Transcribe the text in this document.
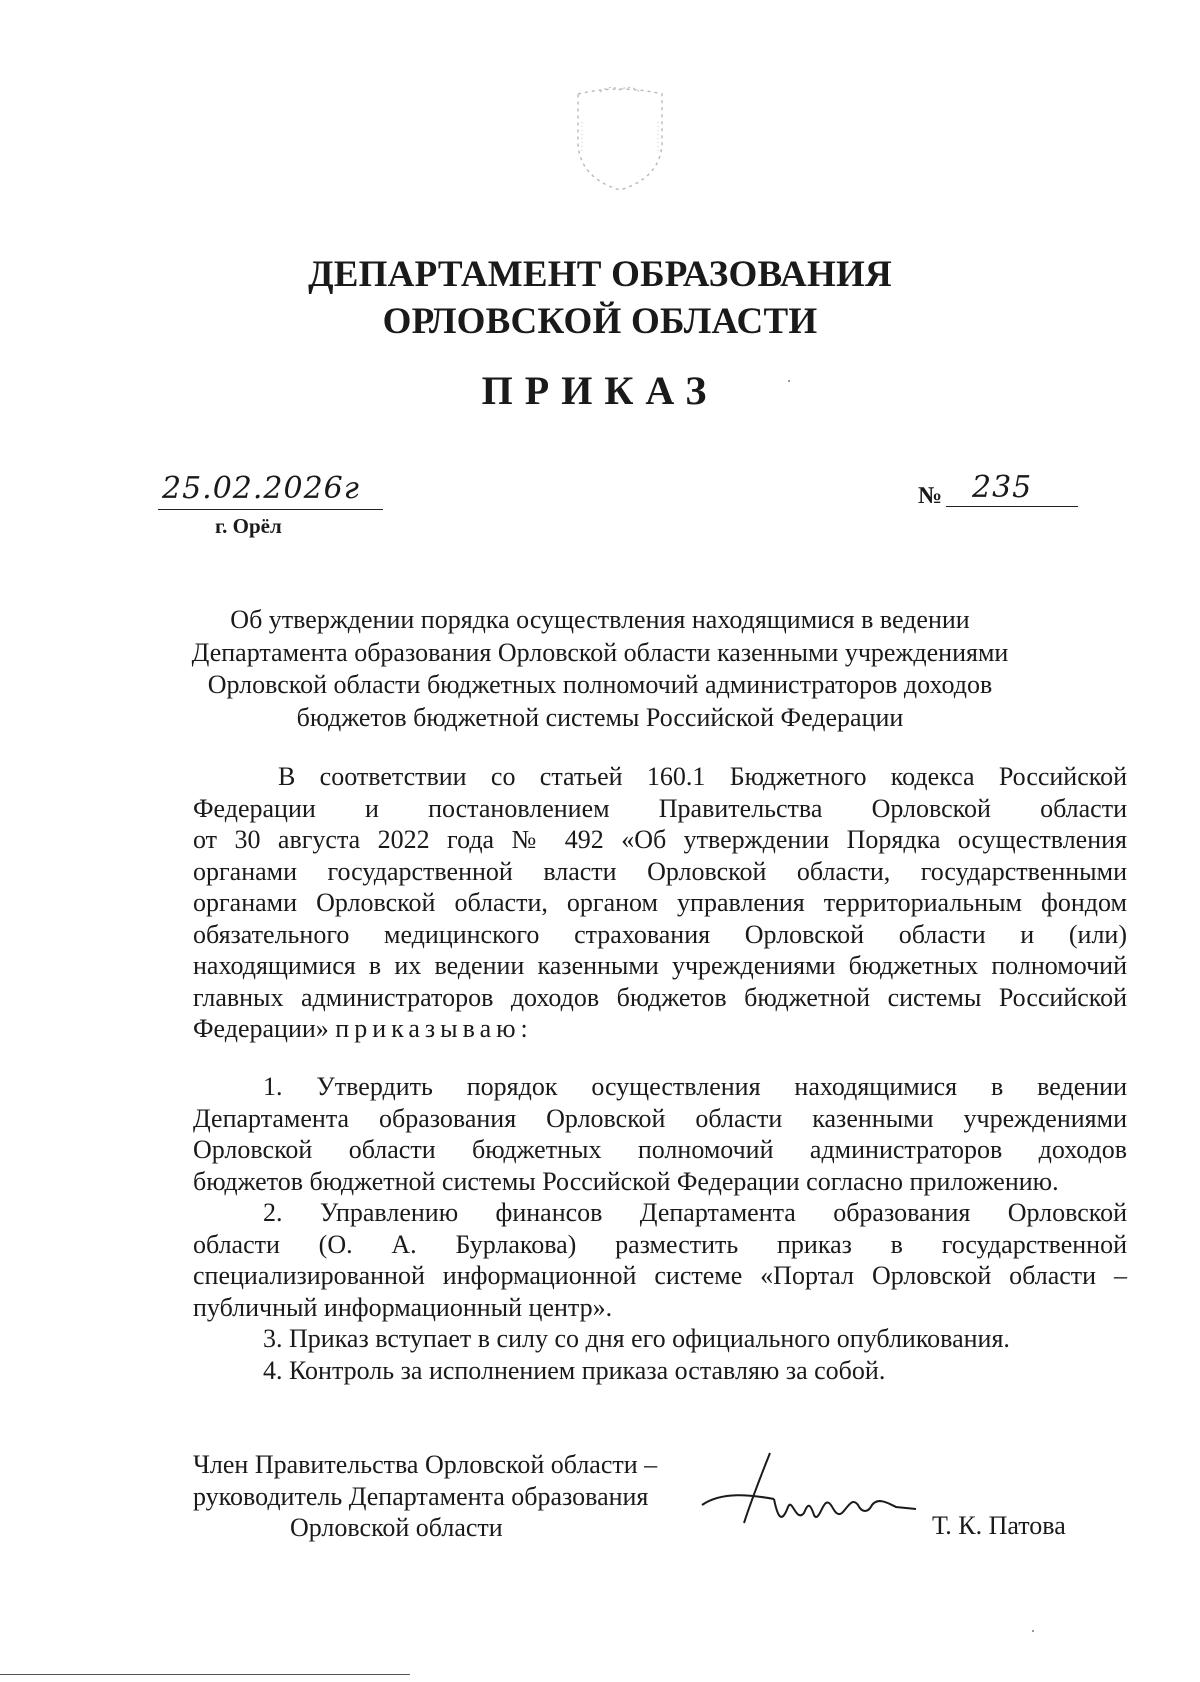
ДЕПАРТАМЕНТ ОБРАЗОВАНИЯ
ОРЛОВСКОЙ ОБЛАСТИ
ПРИКАЗ
25.02.2026г
г. Орёл
№ 235
Об утверждении порядка осуществления находящимися в ведении
Департамента образования Орловской области казенными учреждениями
Орловской области бюджетных полномочий администраторов доходов
бюджетов бюджетной системы Российской Федерации
В соответствии со статьей 160.1 Бюджетного кодекса Российской
Федерации и постановлением Правительства Орловской области
от 30 августа 2022 года № 492 «Об утверждении Порядка осуществления
органами государственной власти Орловской области, государственными
органами Орловской области, органом управления территориальным фондом
обязательного медицинского страхования Орловской области и (или)
находящимися в их ведении казенными учреждениями бюджетных полномочий
главных администраторов доходов бюджетов бюджетной системы Российской
Федерации» приказываю:
1. Утвердить порядок осуществления находящимися в ведении
Департамента образования Орловской области казенными учреждениями
Орловской области бюджетных полномочий администраторов доходов
бюджетов бюджетной системы Российской Федерации согласно приложению.
2. Управлению финансов Департамента образования Орловской
области (О. А. Бурлакова) разместить приказ в государственной
специализированной информационной системе «Портал Орловской области –
публичный информационный центр».
3. Приказ вступает в силу со дня его официального опубликования.
4. Контроль за исполнением приказа оставляю за собой.
Член Правительства Орловской области –
руководитель Департамента образования
Орловской области	Т. К. Патова
